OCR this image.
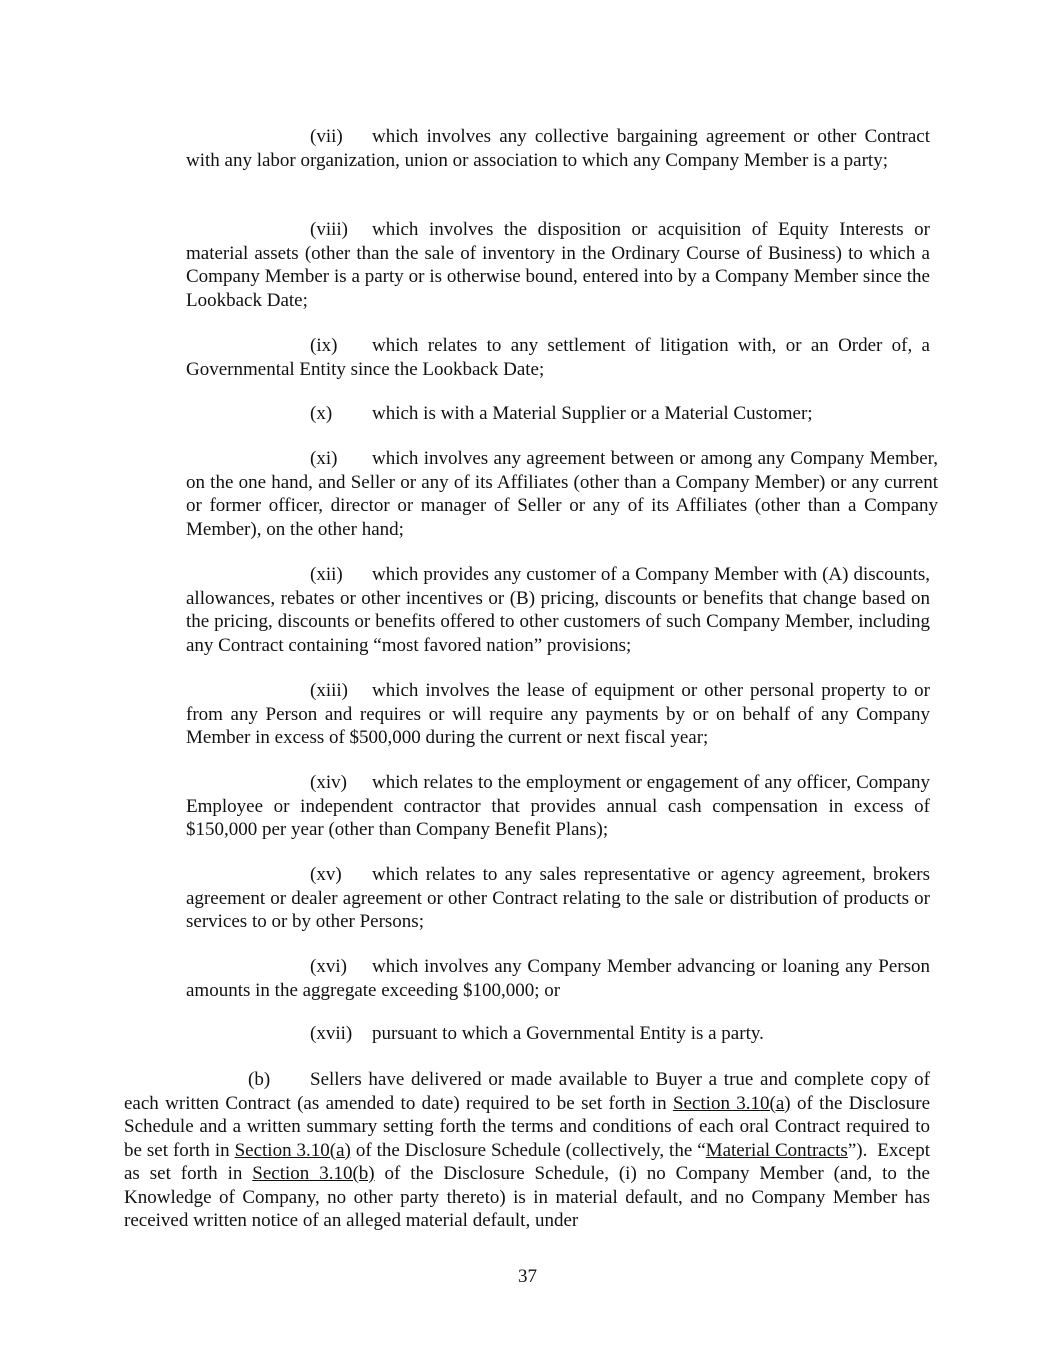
(vii) which involves any collective bargaining agreement or other Contract with any labor organization, union or association to which any Company Member is a party;

(viii) which involves the disposition or acquisition of Equity Interests or material assets (other than the sale of inventory in the Ordinary Course of Business) to which a Company Member is a party or is otherwise bound, entered into by a Company Member since the Lookback Date;

(ix) which relates to any settlement of litigation with, or an Order of, a Governmental Entity since the Lookback Date;

(x) which is with a Material Supplier or a Material Customer;

(xi) which involves any agreement between or among any Company Member, on the one hand, and Seller or any of its Affiliates (other than a Company Member) or any current or former officer, director or manager of Seller or any of its Affiliates (other than a Company Member), on the other hand;

(xii) which provides any customer of a Company Member with (A) discounts, allowances, rebates or other incentives or (B) pricing, discounts or benefits that change based on the pricing, discounts or benefits offered to other customers of such Company Member, including any Contract containing “most favored nation” provisions;

(xiii) which involves the lease of equipment or other personal property to or from any Person and requires or will require any payments by or on behalf of any Company Member in excess of $500,000 during the current or next fiscal year;

(xiv) which relates to the employment or engagement of any officer, Company Employee or independent contractor that provides annual cash compensation in excess of $150,000 per year (other than Company Benefit Plans);

(xv) which relates to any sales representative or agency agreement, brokers agreement or dealer agreement or other Contract relating to the sale or distribution of products or services to or by other Persons;

(xvi) which involves any Company Member advancing or loaning any Person amounts in the aggregate exceeding $100,000; or

(xvii) pursuant to which a Governmental Entity is a party.

(b) Sellers have delivered or made available to Buyer a true and complete copy of each written Contract (as amended to date) required to be set forth in Section 3.10(a) of the Disclosure Schedule and a written summary setting forth the terms and conditions of each oral Contract required to be set forth in Section 3.10(a) of the Disclosure Schedule (collectively, the “Material Contracts”).  Except as set forth in Section 3.10(b) of the Disclosure Schedule, (i) no Company Member (and, to the Knowledge of Company, no other party thereto) is in material default, and no Company Member has received written notice of an alleged material default, under

37
